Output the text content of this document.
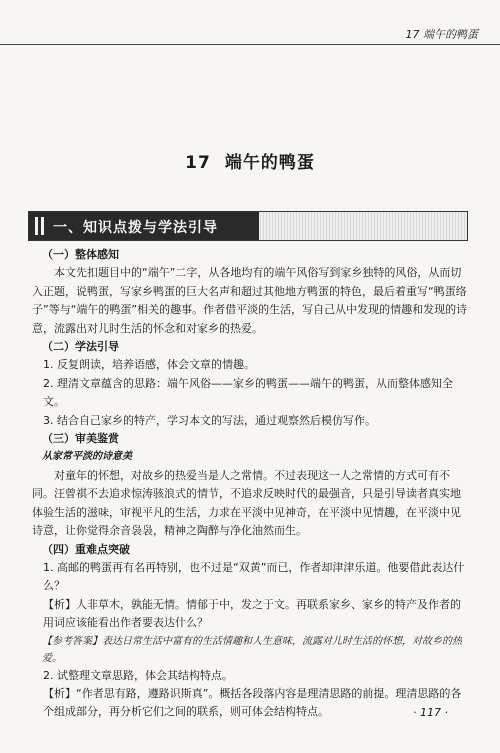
17 端午的鸭蛋
17 端午的鸭蛋
一、知识点拨与学法引导

（一）整体感知

本文先扣题目中的“端午”二字，从各地均有的端午风俗写到家乡独特的风俗，从而切入正题，说鸭蛋，写家乡鸭蛋的巨大名声和超过其他地方鸭蛋的特色，最后着重写“鸭蛋络子”等与“端午的鸭蛋”相关的趣事。作者借平淡的生活，写自己从中发现的情趣和发现的诗意，流露出对儿时生活的怀念和对家乡的热爱。

（二）学法引导

1. 反复朗读，培养语感，体会文章的情趣。

2. 理清文章蕴含的思路：端午风俗——家乡的鸭蛋——端午的鸭蛋，从而整体感知全文。

3. 结合自己家乡的特产，学习本文的写法，通过观察然后模仿写作。

（三）审美鉴赏

从家常平淡的诗意美

对童年的怀想，对故乡的热爱当是人之常情。不过表现这一人之常情的方式可有不同。汪曾祺不去追求惊涛骇浪式的情节，不追求反映时代的最强音，只是引导读者真实地体验生活的滋味，审视平凡的生活，力求在平淡中见神奇，在平淡中见情趣，在平淡中见诗意，让你觉得余音袅袅，精神之陶醉与净化油然而生。

（四）重难点突破

1. 高邮的鸭蛋再有名再特别，也不过是“双黄”而已，作者却津津乐道。他要借此表达什么？

【析】人非草木，孰能无情。情郁于中，发之于文。再联系家乡、家乡的特产及作者的用词应该能看出作者要表达什么？

【参考答案】表达日常生活中富有的生活情趣和人生意味，流露对儿时生活的怀想，对故乡的热爱。

2. 试整理文章思路，体会其结构特点。

【析】“作者思有路，遵路识斯真”。概括各段落内容是理清思路的前提。理清思路的各个组成部分，再分析它们之间的联系，则可体会结构特点。	· 117 ·
